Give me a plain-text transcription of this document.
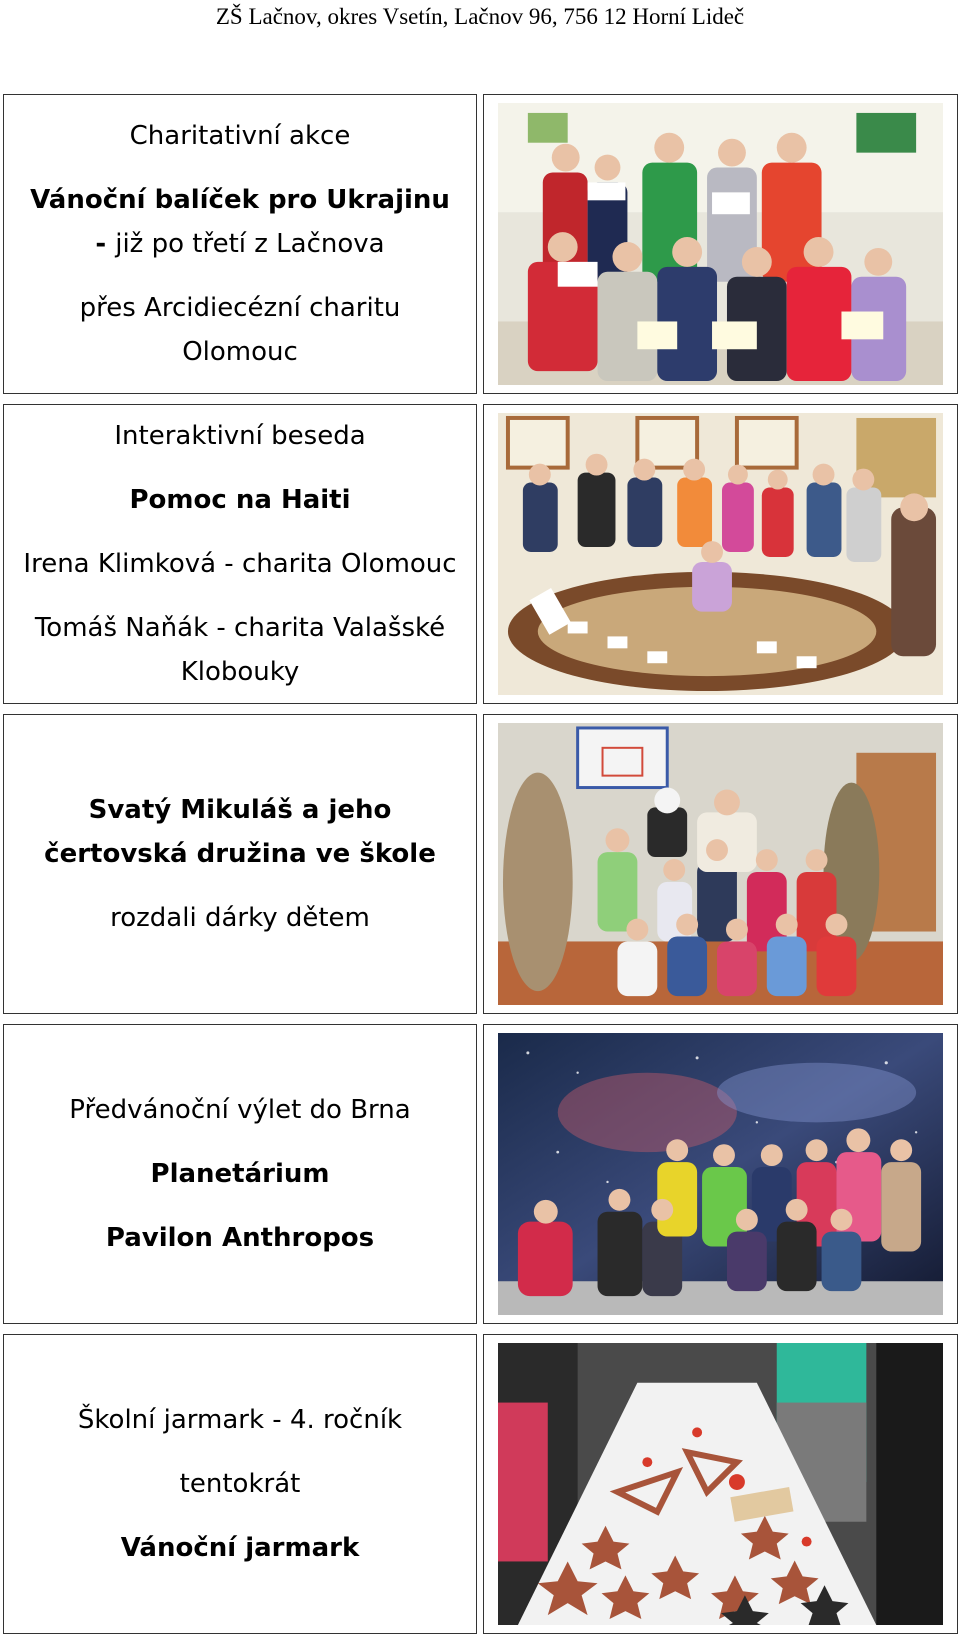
ZŠ Lačnov, okres Vsetín, Lačnov 96, 756 12 Horní Lideč
Charitativní akce
Vánoční balíček pro Ukrajinu - již po třetí z Lačnova
přes Arcidiecézní charitu Olomouc
Interaktivní beseda
Pomoc na Haiti
Irena Klimková - charita Olomouc
Tomáš Naňák - charita Valašské Klobouky
Svatý Mikuláš a jeho čertovská družina ve škole
rozdali dárky dětem
Předvánoční výlet do Brna
Planetárium
Pavilon Anthropos
Školní jarmark - 4. ročník
tentokrát
Vánoční jarmark
